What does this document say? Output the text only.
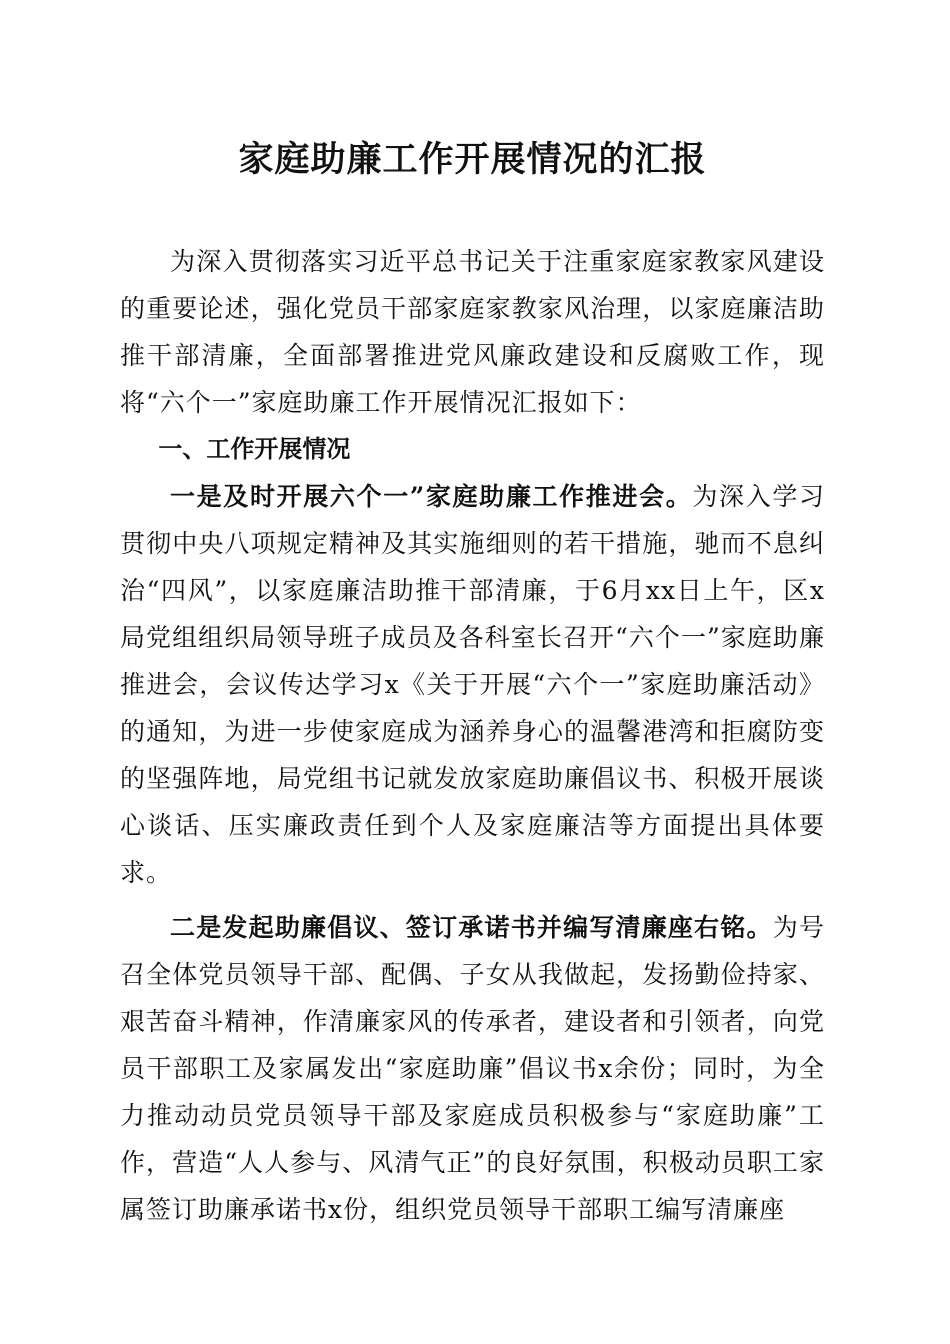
家庭助廉工作开展情况的汇报

为深入贯彻落实习近平总书记关于注重家庭家教家风建设的重要论述，强化党员干部家庭家教家风治理，以家庭廉洁助推干部清廉，全面部署推进党风廉政建设和反腐败工作，现将“六个一”家庭助廉工作开展情况汇报如下：

一、工作开展情况

一是及时开展六个一”家庭助廉工作推进会。为深入学习贯彻中央八项规定精神及其实施细则的若干措施，驰而不息纠治“四风”，以家庭廉洁助推干部清廉，于6月xx日上午，区x局党组组织局领导班子成员及各科室长召开“六个一”家庭助廉推进会，会议传达学习x《关于开展“六个一”家庭助廉活动》的通知，为进一步使家庭成为涵养身心的温馨港湾和拒腐防变的坚强阵地，局党组书记就发放家庭助廉倡议书、积极开展谈心谈话、压实廉政责任到个人及家庭廉洁等方面提出具体要求。

二是发起助廉倡议、签订承诺书并编写清廉座右铭。为号召全体党员领导干部、配偶、子女从我做起，发扬勤俭持家、艰苦奋斗精神，作清廉家风的传承者，建设者和引领者，向党员干部职工及家属发出“家庭助廉”倡议书x余份；同时，为全力推动动员党员领导干部及家庭成员积极参与“家庭助廉”工作，营造“人人参与、风清气正”的良好氛围，积极动员职工家属签订助廉承诺书x份，组织党员领导干部职工编写清廉座
